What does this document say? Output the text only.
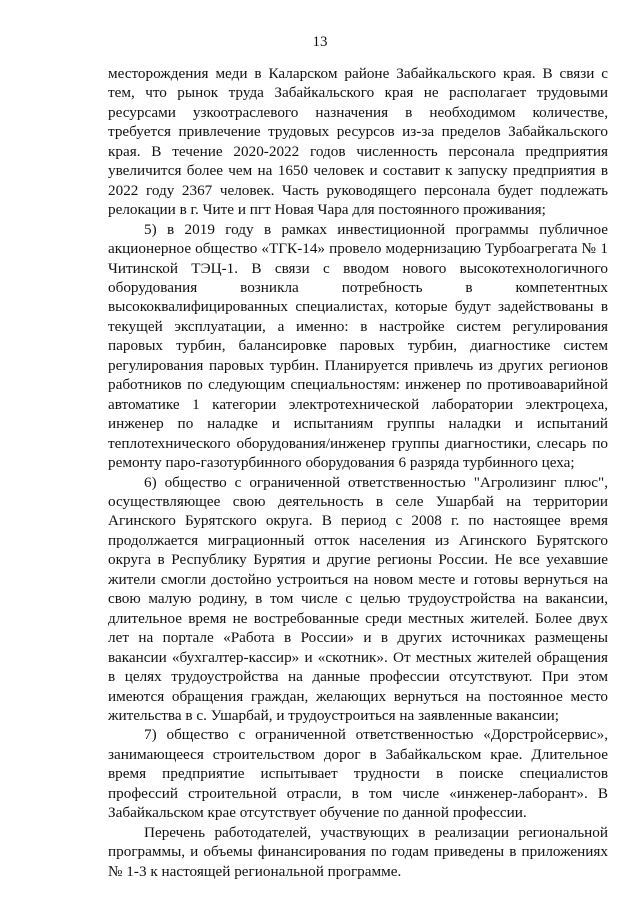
13

месторождения меди в Каларском районе Забайкальского края. В связи с тем, что рынок труда Забайкальского края не располагает трудовыми ресурсами узкоотраслевого назначения в необходимом количестве, требуется привлечение трудовых ресурсов из-за пределов Забайкальского края. В течение 2020-2022 годов численность персонала предприятия увеличится более чем на 1650 человек и составит к запуску предприятия в 2022 году 2367 человек. Часть руководящего персонала будет подлежать релокации в г. Чите и пгт Новая Чара для постоянного проживания;

5) в 2019 году в рамках инвестиционной программы публичное акционерное общество «ТГК-14» провело модернизацию Турбоагрегата № 1 Читинской ТЭЦ-1. В связи с вводом нового высокотехнологичного оборудования возникла потребность в компетентных высококвалифицированных специалистах, которые будут задействованы в текущей эксплуатации, а именно: в настройке систем регулирования паровых турбин, балансировке паровых турбин, диагностике систем регулирования паровых турбин. Планируется привлечь из других регионов работников по следующим специальностям: инженер по противоаварийной автоматике 1 категории электротехнической лаборатории электроцеха, инженер по наладке и испытаниям группы наладки и испытаний теплотехнического оборудования/инженер группы диагностики, слесарь по ремонту паро-газотурбинного оборудования 6 разряда турбинного цеха;

6) общество с ограниченной ответственностью "Агролизинг плюс", осуществляющее свою деятельность в селе Ушарбай на территории Агинского Бурятского округа. В период с 2008 г. по настоящее время продолжается миграционный отток населения из Агинского Бурятского округа в Республику Бурятия и другие регионы России. Не все уехавшие жители смогли достойно устроиться на новом месте и готовы вернуться на свою малую родину, в том числе с целью трудоустройства на вакансии, длительное время не востребованные среди местных жителей. Более двух лет на портале «Работа в России» и в других источниках размещены вакансии «бухгалтер-кассир» и «скотник». От местных жителей обращения в целях трудоустройства на данные профессии отсутствуют. При этом имеются обращения граждан, желающих вернуться на постоянное место жительства в с. Ушарбай, и трудоустроиться на заявленные вакансии;

7) общество с ограниченной ответственностью «Дорстройсервис», занимающееся строительством дорог в Забайкальском крае. Длительное время предприятие испытывает трудности в поиске специалистов профессий строительной отрасли, в том числе «инженер-лаборант». В Забайкальском крае отсутствует обучение по данной профессии.

Перечень работодателей, участвующих в реализации региональной программы, и объемы финансирования по годам приведены в приложениях № 1-3 к настоящей региональной программе.
